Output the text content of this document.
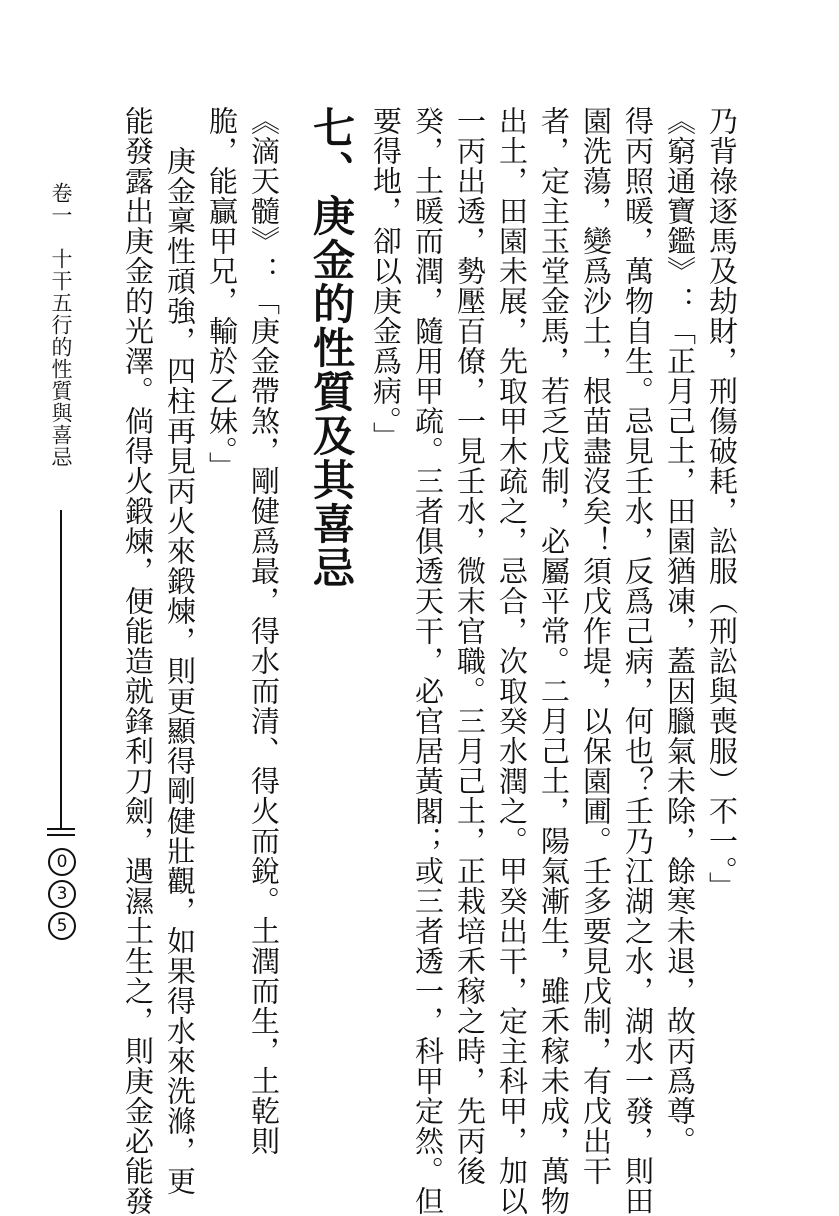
乃背祿逐馬及劫財，刑傷破耗，訟服（刑訟與喪服）不一。」
《窮通寶鑑》：「正月己土，田園猶凍，蓋因臘氣未除，餘寒未退，故丙爲尊。
得丙照暖，萬物自生。忌見壬水，反爲己病，何也？壬乃江湖之水，湖水一發，則田
園洗蕩，變爲沙土，根苗盡沒矣！須戊作堤，以保園圃。壬多要見戊制，有戊出干
者，定主玉堂金馬，若乏戊制，必屬平常。二月己土，陽氣漸生，雖禾稼未成，萬物
出土，田園未展，先取甲木疏之，忌合，次取癸水潤之。甲癸出干，定主科甲，加以
一丙出透，勢壓百僚，一見壬水，微末官職。三月己土，正栽培禾稼之時，先丙後
癸，土暖而潤，隨用甲疏。三者俱透天干，必官居黃閣；或三者透一，科甲定然。但
要得地，卻以庚金爲病。」
七、庚金的性質及其喜忌
《滴天髓》：「庚金帶煞，剛健爲最，得水而清、得火而銳。土潤而生，土乾則
脆，能贏甲兄，輸於乙妹。」
庚金稟性頑強，四柱再見丙火來鍛煉，則更顯得剛健壯觀，如果得水來洗滌，更
能發露出庚金的光澤。倘得火鍛煉，便能造就鋒利刀劍，遇濕土生之，則庚金必能發
卷一　十干五行的性質與喜忌
0
3
5
